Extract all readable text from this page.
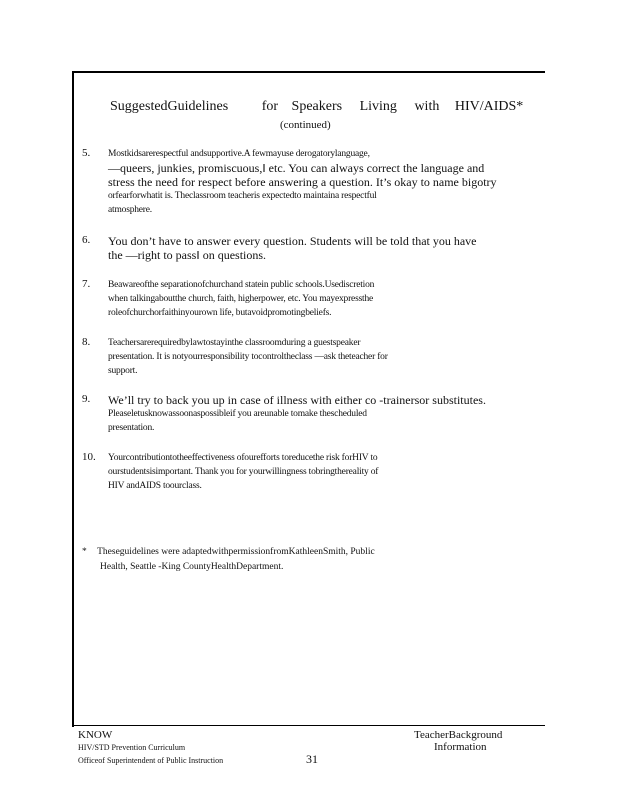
SuggestedGuidelines for Speakers Living with HIV/AIDS*
(continued)
5.	Mostkidsarerespectful andsupportive.A fewmayuse derogatorylanguage,
—queers, junkies, promiscuous,‖ etc. You can always correct the language and
stress the need for respect before answering a question. It’s okay to name bigotry
orfearforwhatit is. Theclassroom teacheris expectedto maintaina respectful
atmosphere.
6.	You don’t have to answer every question. Students will be told that you have
the —right to pass‖ on questions.
7.	Beawareofthe separationofchurchand statein public schools.Usediscretion
when talkingaboutthe church, faith, higherpower, etc. You mayexpressthe
roleofchurchorfaithinyourown life, butavoidpromotingbeliefs.
8.	Teachersarerequiredbylawtostayinthe classroomduring a guestspeaker
presentation. It is notyourresponsibility tocontroltheclass —ask theteacher for
support.
9.	We’ll try to back you up in case of illness with either co -trainersor substitutes.
Pleaseletusknowassoonaspossibleif you areunable tomake thescheduled
presentation.
10.	Yourcontributiontotheeffectiveness ofourefforts toreducethe risk forHIV to
ourstudentsisimportant. Thank you for yourwillingness tobringthereality of
HIV andAIDS toourclass.
* Theseguidelines were adaptedwithpermissionfromKathleenSmith, Public
Health, Seattle -King CountyHealthDepartment.
KNOW
HIV/STD Prevention Curriculum
Officeof Superintendent of Public Instruction
TeacherBackground
Information
31
